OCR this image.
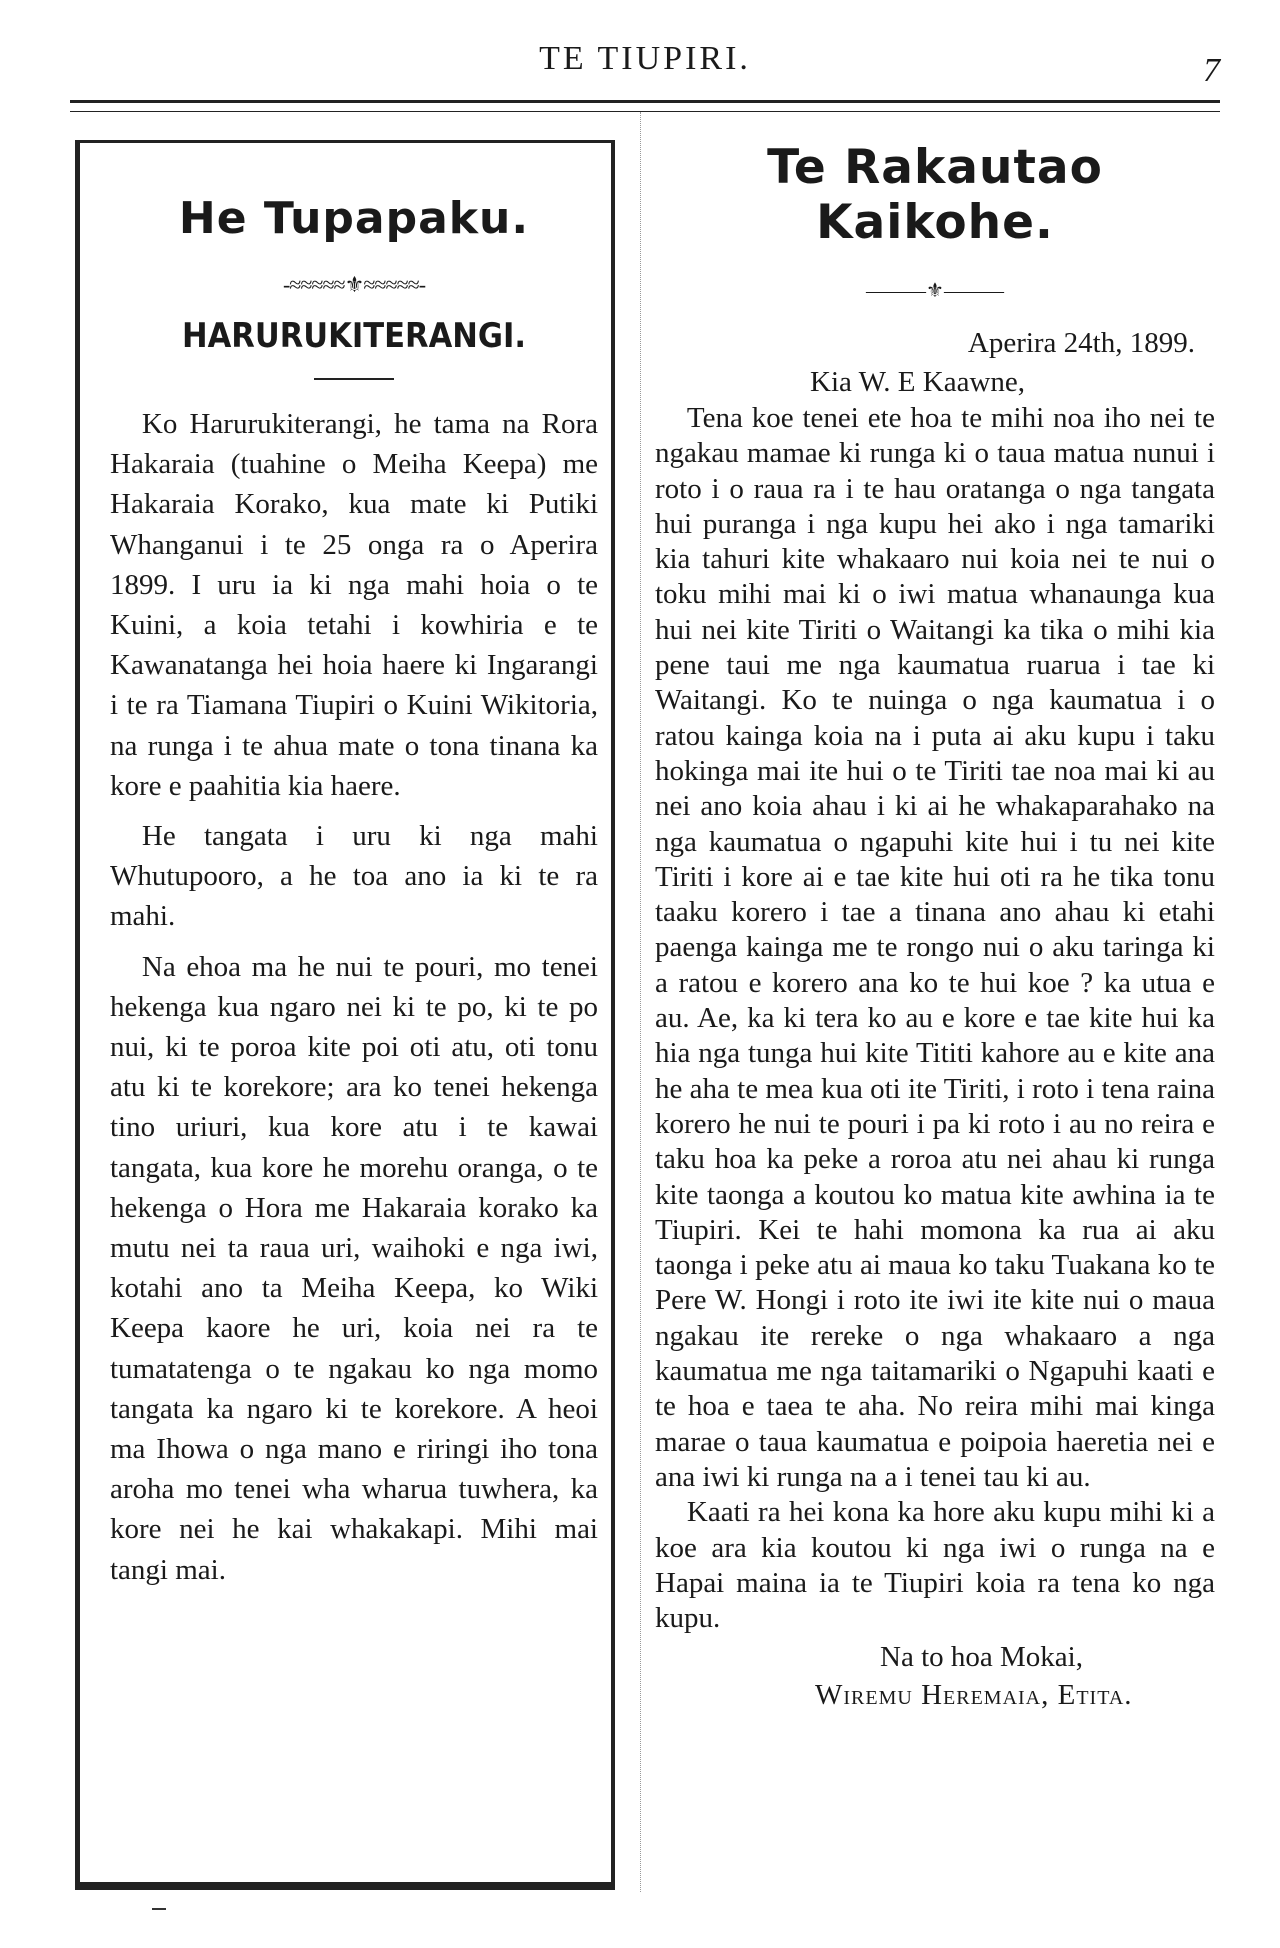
TE TIUPIRI.	7
He Tupapaku.
-≈≈≈≈≈⚜≈≈≈≈≈-
HARURUKITERANGI.

Ko Harurukiterangi, he tama na Rora Hakaraia (tuahine o Meiha Keepa) me Hakaraia Korako, kua mate ki Putiki Whanganui i te 25 onga ra o Aperira 1899. I uru ia ki nga mahi hoia o te Kuini, a koia tetahi i kowhiria e te Kawanatanga hei hoia haere ki Ingarangi i te ra Tiamana Tiupiri o Kuini Wikitoria, na runga i te ahua mate o tona tinana ka kore e paahitia kia haere.

He tangata i uru ki nga mahi Whutupooro, a he toa ano ia ki te ra mahi.

Na ehoa ma he nui te pouri, mo tenei hekenga kua ngaro nei ki te po, ki te po nui, ki te poroa kite poi oti atu, oti tonu atu ki te korekore; ara ko tenei hekenga tino uriuri, kua kore atu i te kawai tangata, kua kore he morehu oranga, o te hekenga o Hora me Hakaraia korako ka mutu nei ta raua uri, waihoki e nga iwi, kotahi ano ta Meiha Keepa, ko Wiki Keepa kaore he uri, koia nei ra te tumatatenga o te ngakau ko nga momo tangata ka ngaro ki te korekore. A heoi ma Ihowa o nga mano e riringi iho tona aroha mo tenei wha wharua tuwhera, ka kore nei he kai whakakapi. Mihi mai tangi mai.

Te Rakautao Kaikohe.
———⚜———
Aperira 24th, 1899.
Kia W. E Kaawne,

Tena koe tenei ete hoa te mihi noa iho nei te ngakau mamae ki runga ki o taua matua nunui i roto i o raua ra i te hau oratanga o nga tangata hui puranga i nga kupu hei ako i nga tamariki kia tahuri kite whakaaro nui koia nei te nui o toku mihi mai ki o iwi matua whanaunga kua hui nei kite Tiriti o Waitangi ka tika o mihi kia pene taui me nga kaumatua ruarua i tae ki Waitangi. Ko te nuinga o nga kaumatua i o ratou kainga koia na i puta ai aku kupu i taku hokinga mai ite hui o te Tiriti tae noa mai ki au nei ano koia ahau i ki ai he whakaparahako na nga kaumatua o ngapuhi kite hui i tu nei kite Tiriti i kore ai e tae kite hui oti ra he tika tonu taaku korero i tae a tinana ano ahau ki etahi paenga kainga me te rongo nui o aku taringa ki a ratou e korero ana ko te hui koe ? ka utua e au. Ae, ka ki tera ko au e kore e tae kite hui ka hia nga tunga hui kite Tititi kahore au e kite ana he aha te mea kua oti ite Tiriti, i roto i tena raina korero he nui te pouri i pa ki roto i au no reira e taku hoa ka peke a roroa atu nei ahau ki runga kite taonga a koutou ko matua kite awhina ia te Tiupiri. Kei te hahi momona ka rua ai aku taonga i peke atu ai maua ko taku Tuakana ko te Pere W. Hongi i roto ite iwi ite kite nui o maua ngakau ite rereke o nga whakaaro a nga kaumatua me nga taitamariki o Ngapuhi kaati e te hoa e taea te aha. No reira mihi mai kinga marae o taua kaumatua e poipoia haeretia nei e ana iwi ki runga na a i tenei tau ki au.

Kaati ra hei kona ka hore aku kupu mihi ki a koe ara kia koutou ki nga iwi o runga na e Hapai maina ia te Tiupiri koia ra tena ko nga kupu.

Na to hoa Mokai,
Wiremu Heremaia, Etita.
